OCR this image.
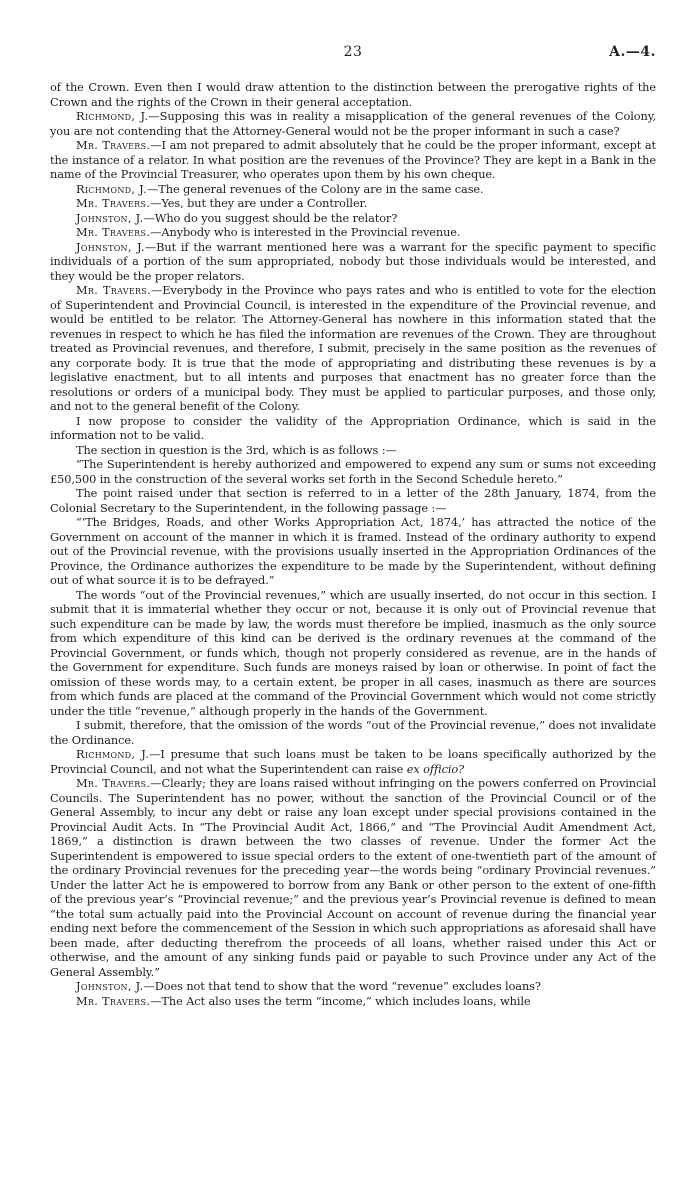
23	A.—4.

of the Crown. Even then I would draw attention to the distinction between the prerogative rights of the Crown and the rights of the Crown in their general acceptation.

Richmond, J.—Supposing this was in reality a misapplication of the general revenues of the Colony, you are not contending that the Attorney-General would not be the proper informant in such a case?

Mr. Travers.—I am not prepared to admit absolutely that he could be the proper informant, except at the instance of a relator. In what position are the revenues of the Province? They are kept in a Bank in the name of the Provincial Treasurer, who operates upon them by his own cheque.

Richmond, J.—The general revenues of the Colony are in the same case.

Mr. Travers.—Yes, but they are under a Controller.

Johnston, J.—Who do you suggest should be the relator?

Mr. Travers.—Anybody who is interested in the Provincial revenue.

Johnston, J.—But if the warrant mentioned here was a warrant for the specific payment to specific individuals of a portion of the sum appropriated, nobody but those individuals would be interested, and they would be the proper relators.

Mr. Travers.—Everybody in the Province who pays rates and who is entitled to vote for the election of Superintendent and Provincial Council, is interested in the expenditure of the Provincial revenue, and would be entitled to be relator. The Attorney-General has nowhere in this information stated that the revenues in respect to which he has filed the information are revenues of the Crown. They are throughout treated as Provincial revenues, and therefore, I submit, precisely in the same position as the revenues of any corporate body. It is true that the mode of appropriating and distributing these revenues is by a legislative enactment, but to all intents and purposes that enactment has no greater force than the resolutions or orders of a municipal body. They must be applied to particular purposes, and those only, and not to the general benefit of the Colony.

I now propose to consider the validity of the Appropriation Ordinance, which is said in the information not to be valid.

The section in question is the 3rd, which is as follows :—

“The Superintendent is hereby authorized and empowered to expend any sum or sums not exceeding £50,500 in the construction of the several works set forth in the Second Schedule hereto.”

The point raised under that section is referred to in a letter of the 28th January, 1874, from the Colonial Secretary to the Superintendent, in the following passage :—

“‘The Bridges, Roads, and other Works Appropriation Act, 1874,’ has attracted the notice of the Government on account of the manner in which it is framed. Instead of the ordinary authority to expend out of the Provincial revenue, with the provisions usually inserted in the Appropriation Ordinances of the Province, the Ordinance authorizes the expenditure to be made by the Superintendent, without defining out of what source it is to be defrayed.”

The words “out of the Provincial revenues,” which are usually inserted, do not occur in this section. I submit that it is immaterial whether they occur or not, because it is only out of Provincial revenue that such expenditure can be made by law, the words must therefore be implied, inasmuch as the only source from which expenditure of this kind can be derived is the ordinary revenues at the command of the Provincial Government, or funds which, though not properly considered as revenue, are in the hands of the Government for expenditure. Such funds are moneys raised by loan or otherwise. In point of fact the omission of these words may, to a certain extent, be proper in all cases, inasmuch as there are sources from which funds are placed at the command of the Provincial Government which would not come strictly under the title “revenue,” although properly in the hands of the Government.

I submit, therefore, that the omission of the words “out of the Provincial revenue,” does not invalidate the Ordinance.

Richmond, J.—I presume that such loans must be taken to be loans specifically authorized by the Provincial Council, and not what the Superintendent can raise ex officio?

Mr. Travers.—Clearly; they are loans raised without infringing on the powers conferred on Provincial Councils. The Superintendent has no power, without the sanction of the Provincial Council or of the General Assembly, to incur any debt or raise any loan except under special provisions contained in the Provincial Audit Acts. In “The Provincial Audit Act, 1866,” and “The Provincial Audit Amendment Act, 1869,” a distinction is drawn between the two classes of revenue. Under the former Act the Superintendent is empowered to issue special orders to the extent of one-twentieth part of the amount of the ordinary Provincial revenues for the preceding year—the words being “ordinary Provincial revenues.” Under the latter Act he is empowered to borrow from any Bank or other person to the extent of one-fifth of the previous year’s “Provincial revenue;” and the previous year’s Provincial revenue is defined to mean “the total sum actually paid into the Provincial Account on account of revenue during the financial year ending next before the commencement of the Session in which such appropriations as aforesaid shall have been made, after deducting therefrom the proceeds of all loans, whether raised under this Act or otherwise, and the amount of any sinking funds paid or payable to such Province under any Act of the General Assembly.”

Johnston, J.—Does not that tend to show that the word “revenue” excludes loans?

Mr. Travers.—The Act also uses the term “income,” which includes loans, while
